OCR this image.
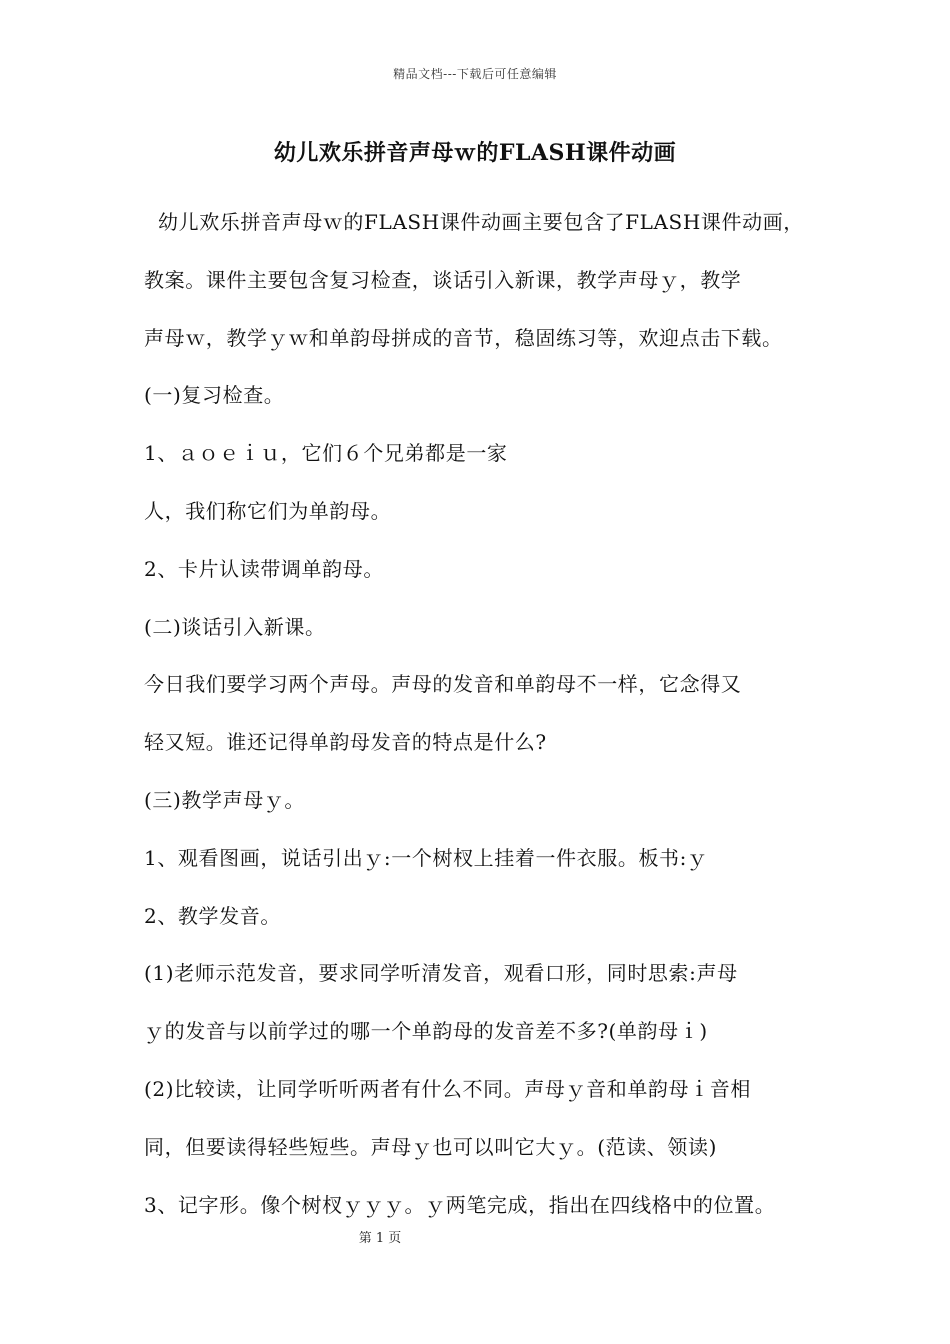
精品文档---下载后可任意编辑
幼儿欢乐拼音声母ｗ的FLASH课件动画
幼儿欢乐拼音声母ｗ的FLASH课件动画主要包含了FLASH课件动画，
教案。课件主要包含复习检查，谈话引入新课，教学声母ｙ，教学
声母ｗ，教学ｙｗ和单韵母拼成的音节，稳固练习等，欢迎点击下载。
(一)复习检查。
1、ａｏｅｉｕ，它们６个兄弟都是一家
人，我们称它们为单韵母。
2、卡片认读带调单韵母。
(二)谈话引入新课。
今日我们要学习两个声母。声母的发音和单韵母不一样，它念得又
轻又短。谁还记得单韵母发音的特点是什么?
(三)教学声母ｙ。
1、观看图画，说话引出ｙ:一个树杈上挂着一件衣服。板书:ｙ
2、教学发音。
(1)老师示范发音，要求同学听清发音，观看口形，同时思索:声母
ｙ的发音与以前学过的哪一个单韵母的发音差不多?(单韵母ｉ)
(2)比较读，让同学听听两者有什么不同。声母ｙ音和单韵母ｉ音相
同，但要读得轻些短些。声母ｙ也可以叫它大ｙ。(范读、领读)
3、记字形。像个树杈ｙｙｙ。ｙ两笔完成，指出在四线格中的位置。
第 1 页
